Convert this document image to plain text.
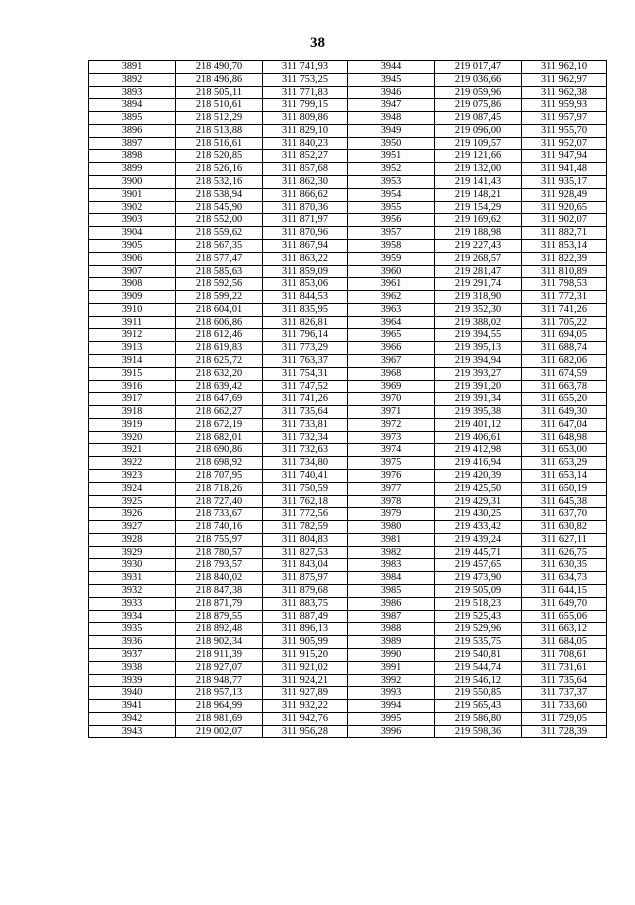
38
3891	218 490,70	311 741,93	3944	219 017,47	311 962,10
3892	218 496,86	311 753,25	3945	219 036,66	311 962,97
3893	218 505,11	311 771,83	3946	219 059,96	311 962,38
3894	218 510,61	311 799,15	3947	219 075,86	311 959,93
3895	218 512,29	311 809,86	3948	219 087,45	311 957,97
3896	218 513,88	311 829,10	3949	219 096,00	311 955,70
3897	218 516,61	311 840,23	3950	219 109,57	311 952,07
3898	218 520,85	311 852,27	3951	219 121,66	311 947,94
3899	218 526,16	311 857,68	3952	219 132,00	311 941,48
3900	218 532,16	311 862,30	3953	219 141,43	311 935,17
3901	218 538,94	311 866,62	3954	219 148,21	311 928,49
3902	218 545,90	311 870,36	3955	219 154,29	311 920,65
3903	218 552,00	311 871,97	3956	219 169,62	311 902,07
3904	218 559,62	311 870,96	3957	219 188,98	311 882,71
3905	218 567,35	311 867,94	3958	219 227,43	311 853,14
3906	218 577,47	311 863,22	3959	219 268,57	311 822,39
3907	218 585,63	311 859,09	3960	219 281,47	311 810,89
3908	218 592,56	311 853,06	3961	219 291,74	311 798,53
3909	218 599,22	311 844,53	3962	219 318,90	311 772,31
3910	218 604,01	311 835,95	3963	219 352,30	311 741,26
3911	218 606,86	311 826,81	3964	219 388,02	311 705,22
3912	218 612,46	311 796,14	3965	219 394,55	311 694,05
3913	218 619,83	311 773,29	3966	219 395,13	311 688,74
3914	218 625,72	311 763,37	3967	219 394,94	311 682,06
3915	218 632,20	311 754,31	3968	219 393,27	311 674,59
3916	218 639,42	311 747,52	3969	219 391,20	311 663,78
3917	218 647,69	311 741,26	3970	219 391,34	311 655,20
3918	218 662,27	311 735,64	3971	219 395,38	311 649,30
3919	218 672,19	311 733,81	3972	219 401,12	311 647,04
3920	218 682,01	311 732,34	3973	219 406,61	311 648,98
3921	218 690,86	311 732,63	3974	219 412,98	311 653,00
3922	218 698,92	311 734,80	3975	219 416,94	311 653,29
3923	218 707,95	311 740,41	3976	219 420,39	311 653,14
3924	218 718,26	311 750,59	3977	219 425,50	311 650,19
3925	218 727,40	311 762,18	3978	219 429,31	311 645,38
3926	218 733,67	311 772,56	3979	219 430,25	311 637,70
3927	218 740,16	311 782,59	3980	219 433,42	311 630,82
3928	218 755,97	311 804,83	3981	219 439,24	311 627,11
3929	218 780,57	311 827,53	3982	219 445,71	311 626,75
3930	218 793,57	311 843,04	3983	219 457,65	311 630,35
3931	218 840,02	311 875,97	3984	219 473,90	311 634,73
3932	218 847,38	311 879,68	3985	219 505,09	311 644,15
3933	218 871,79	311 883,75	3986	219 518,23	311 649,70
3934	218 879,55	311 887,49	3987	219 525,43	311 655,06
3935	218 892,48	311 896,13	3988	219 529,96	311 663,12
3936	218 902,34	311 905,99	3989	219 535,75	311 684,05
3937	218 911,39	311 915,20	3990	219 540,81	311 708,61
3938	218 927,07	311 921,02	3991	219 544,74	311 731,61
3939	218 948,77	311 924,21	3992	219 546,12	311 735,64
3940	218 957,13	311 927,89	3993	219 550,85	311 737,37
3941	218 964,99	311 932,22	3994	219 565,43	311 733,60
3942	218 981,69	311 942,76	3995	219 586,80	311 729,05
3943	219 002,07	311 956,28	3996	219 598,36	311 728,39
